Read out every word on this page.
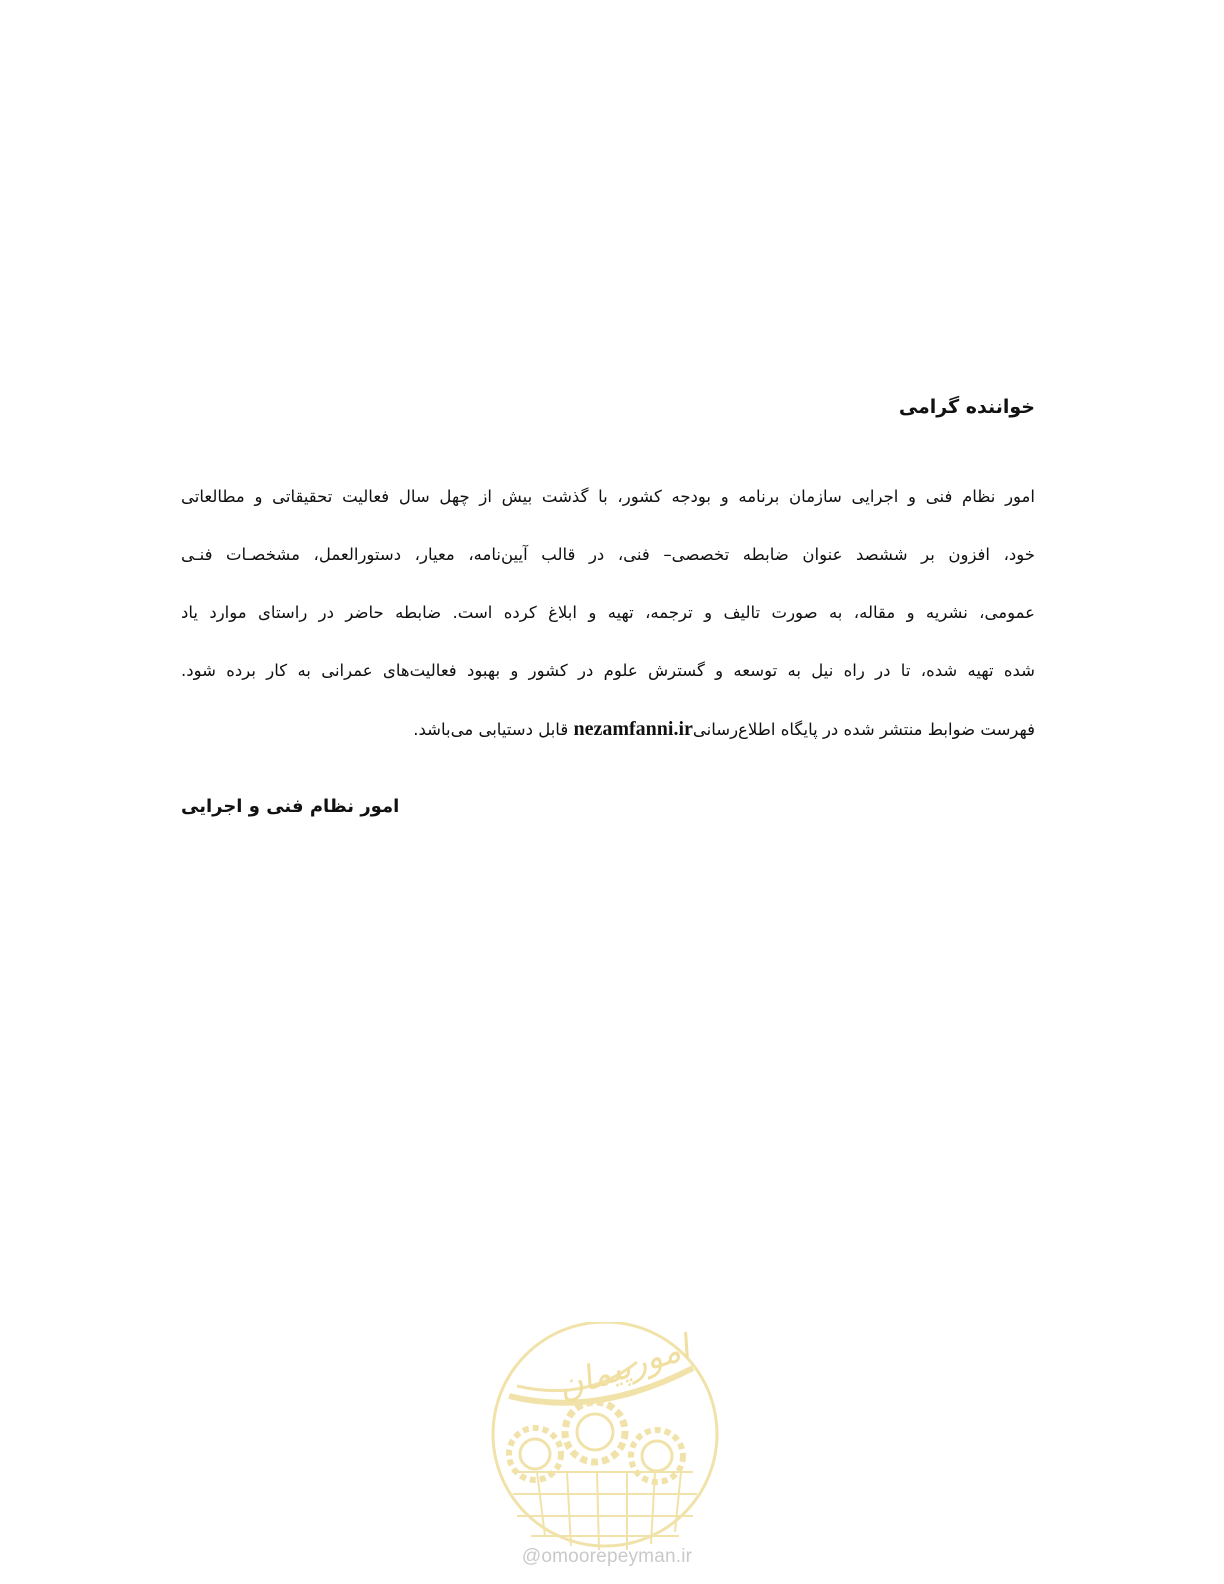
خواننده گرامی
امور نظام فنی و اجرایی سازمان برنامه و بودجه کشور، با گذشت بیش از چهل سال فعالیت تحقیقاتی و مطالعاتی
خود، افزون بر ششصد عنوان ضابطه تخصصی– فنی، در قالب آیین‌نامه، معیار، دستورالعمل، مشخصـات فنـی
عمومی، نشریه و مقاله، به صورت تالیف و ترجمه، تهیه و ابلاغ کرده است. ضابطه حاضر در راستای موارد یاد
شده تهیه شده، تا در راه نیل به توسعه و گسترش علوم در کشور و بهبود فعالیت‌های عمرانی به کار برده شود.
فهرست ضوابط منتشر شده در پایگاه اطلاع‌رسانیnezamfanni.ir قابل دستیابی می‌باشد.

امور نظام فنی و اجرایی

امورپیمان
@omoorepeyman.ir
